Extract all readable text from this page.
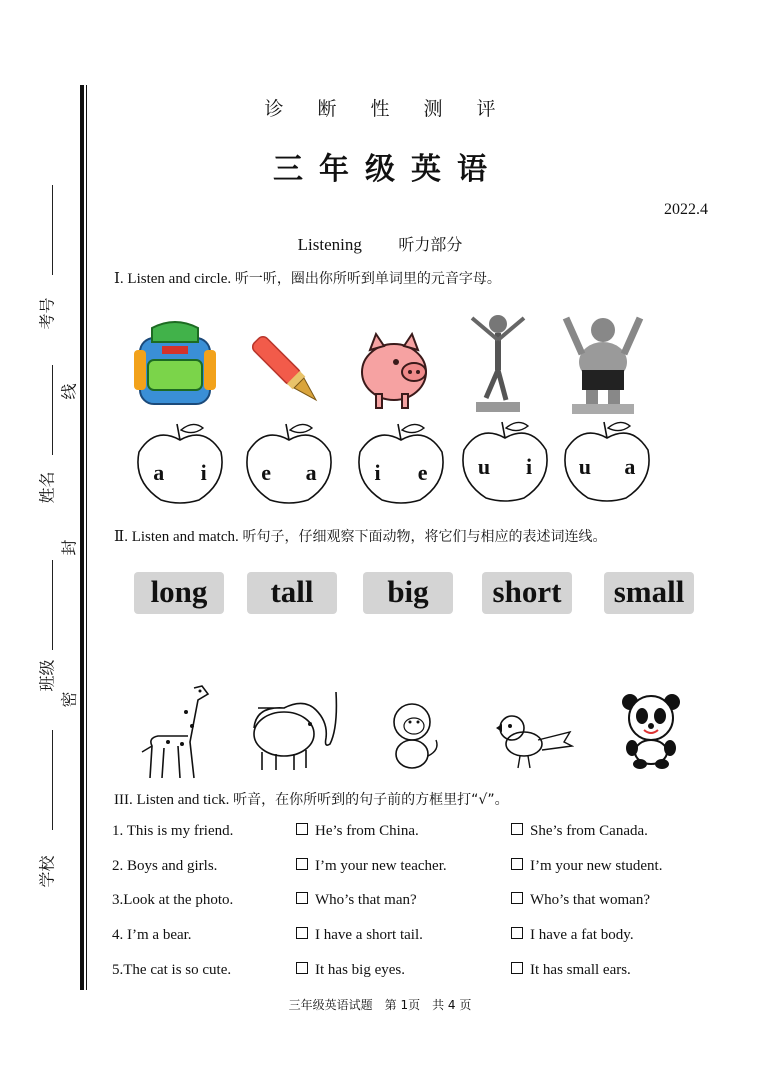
考号
线
姓名
封
班级
密
学校
诊断性测评
三年级英语
2022.4
Listening 听力部分
Ⅰ. Listen and circle. 听一听，圈出你所听到单词里的元音字母。
a i e a	i e u i u a
Ⅱ. Listen and match. 听句子，仔细观察下面动物，将它们与相应的表述词连线。
long	tall	big	short	small
III. Listen and tick. 听音，在你所听到的句子前的方框里打“√”。
1. This is my friend.	He’s from China.	She’s from Canada.
2. Boys and girls.	I’m your new teacher.	I’m your new student.
3.Look at the photo.	Who’s that man?	Who’s that woman?
4. I’m a bear.	I have a short tail.	I have a fat body.
5.The cat is so cute.	It has big eyes.	It has small ears.
三年级英语试题　第 1页　共 4 页
